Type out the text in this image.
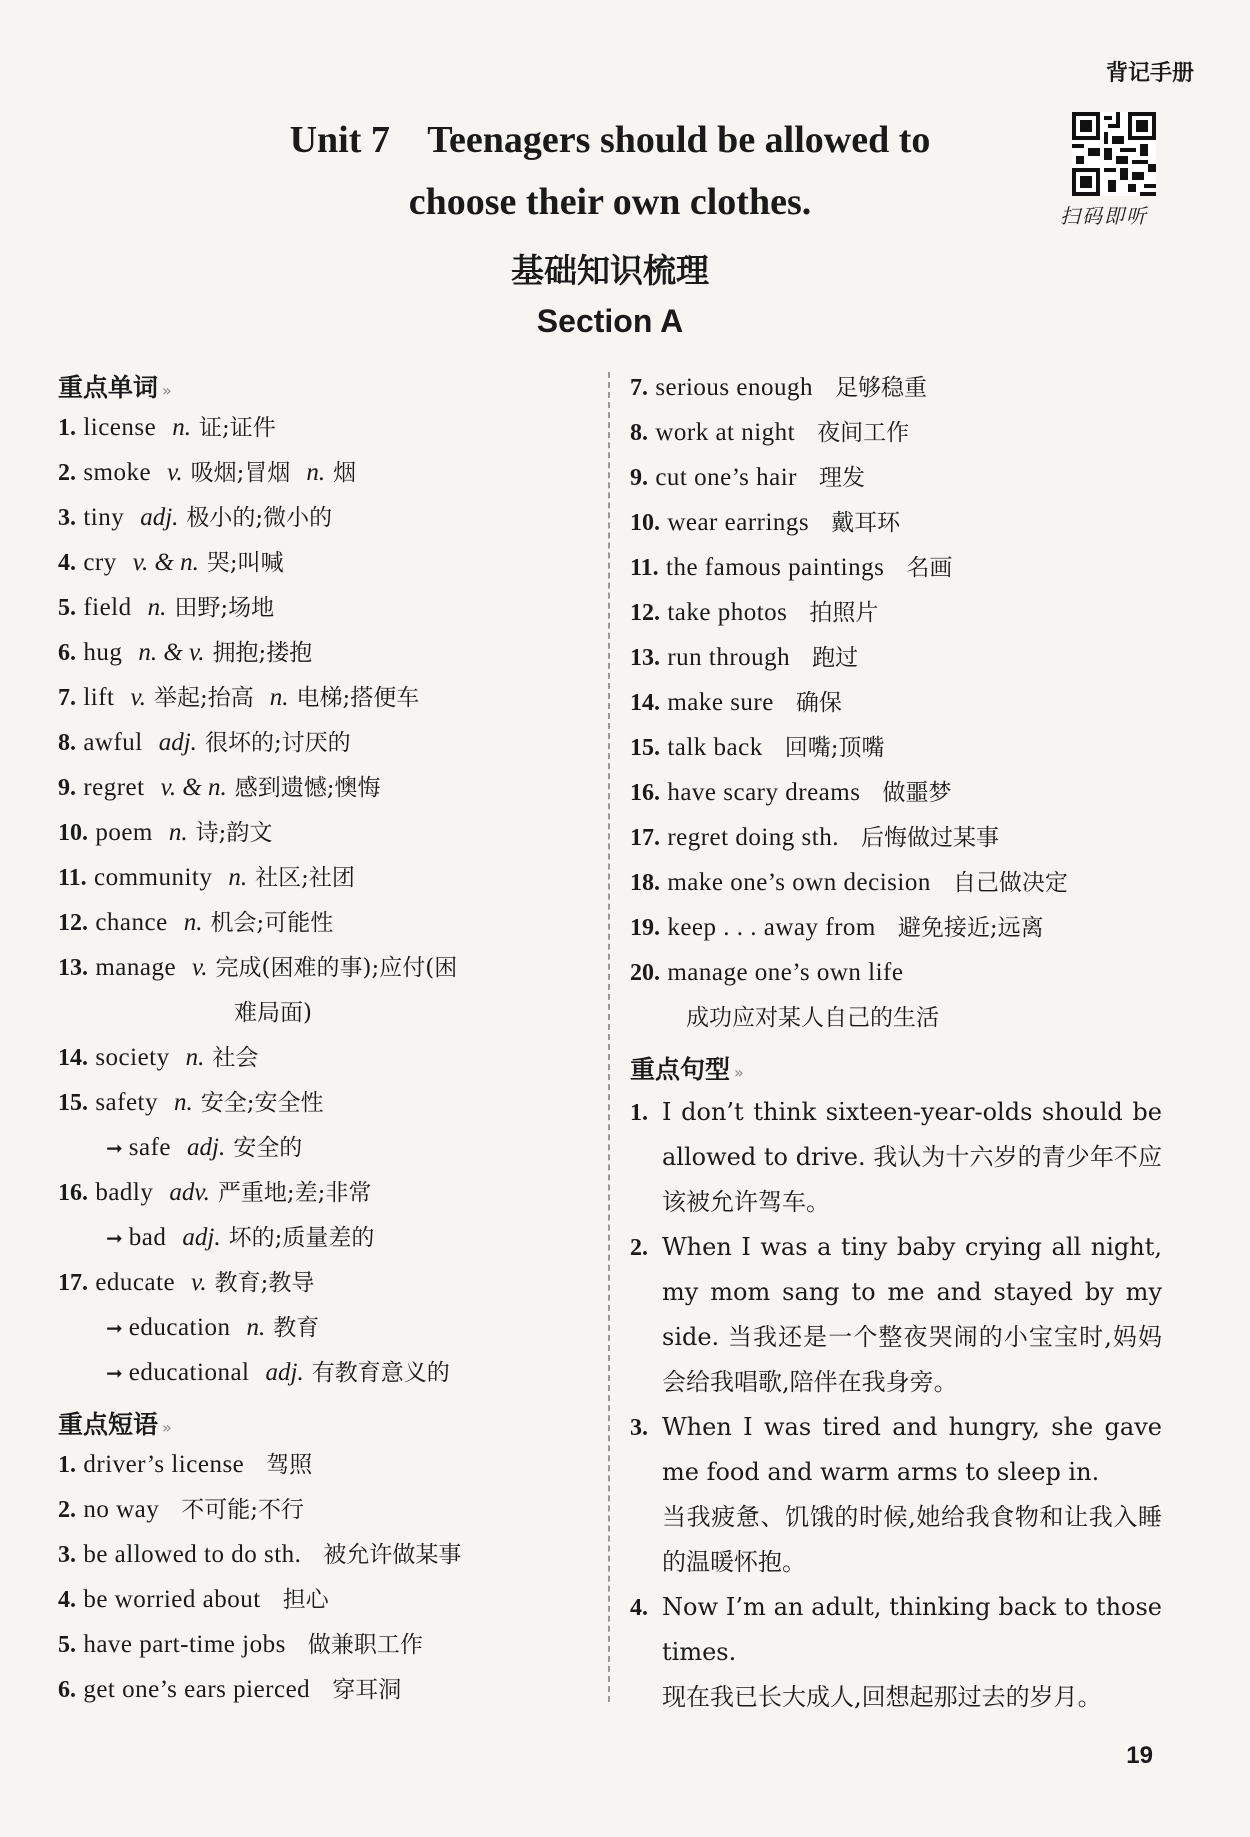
背记手册
扫码即听
Unit 7    Teenagers should be allowed to
choose their own clothes.
基础知识梳理
Section A
重点单词 »
1. license n. 证;证件
2. smoke v. 吸烟;冒烟 n. 烟
3. tiny adj. 极小的;微小的
4. cry v. & n. 哭;叫喊
5. field n. 田野;场地
6. hug n. & v. 拥抱;搂抱
7. lift v. 举起;抬高 n. 电梯;搭便车
8. awful adj. 很坏的;讨厌的
9. regret v. & n. 感到遗憾;懊悔
10. poem n. 诗;韵文
11. community n. 社区;社团
12. chance n. 机会;可能性
13. manage v. 完成(困难的事);应付(困
难局面)
14. society n. 社会
15. safety n. 安全;安全性
➞ safe adj. 安全的
16. badly adv. 严重地;差;非常
➞ bad adj. 坏的;质量差的
17. educate v. 教育;教导
➞ education n. 教育
➞ educational adj. 有教育意义的
重点短语 »
1. driver’s license 驾照
2. no way 不可能;不行
3. be allowed to do sth. 被允许做某事
4. be worried about 担心
5. have part-time jobs 做兼职工作
6. get one’s ears pierced 穿耳洞
7. serious enough 足够稳重
8. work at night 夜间工作
9. cut one’s hair 理发
10. wear earrings 戴耳环
11. the famous paintings 名画
12. take photos 拍照片
13. run through 跑过
14. make sure 确保
15. talk back 回嘴;顶嘴
16. have scary dreams 做噩梦
17. regret doing sth. 后悔做过某事
18. make one’s own decision 自己做决定
19. keep . . . away from 避免接近;远离
20. manage one’s own life
成功应对某人自己的生活
重点句型 »
1. I don’t think sixteen-year-olds should be allowed to drive. 我认为十六岁的青少年不应该被允许驾车。
2. When I was a tiny baby crying all night, my mom sang to me and stayed by my side. 当我还是一个整夜哭闹的小宝宝时,妈妈会给我唱歌,陪伴在我身旁。
3. When I was tired and hungry, she gave me food and warm arms to sleep in.
当我疲惫、饥饿的时候,她给我食物和让我入睡的温暖怀抱。
4. Now I’m an adult, thinking back to those times.
现在我已长大成人,回想起那过去的岁月。
19
